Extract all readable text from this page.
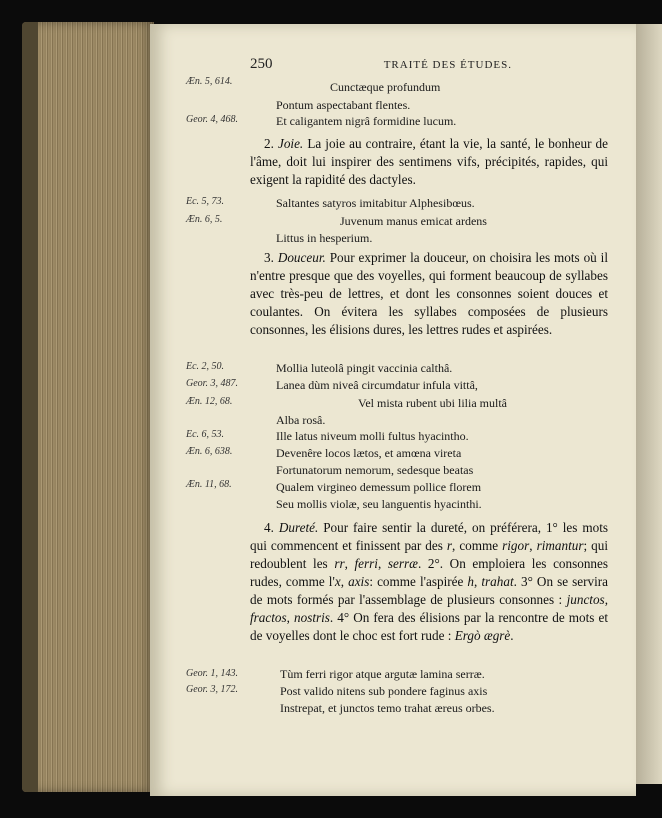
250	TRAITÉ DES ÉTUDES.
Æn. 5, 614.	Cunctæque profundum
Pontum aspectabant flentes.
Geor. 4, 468.	Et caligantem nigrâ formidine lucum.

2. Joie. La joie au contraire, étant la vie, la santé, le bonheur de l'âme, doit lui inspirer des sentimens vifs, précipités, rapides, qui exigent la rapidité des dactyles.

Ec. 5, 73.	Saltantes satyros imitabitur Alphesibœus.
Æn. 6, 5.	Juvenum manus emicat ardens
Littus in hesperium.

3. Douceur. Pour exprimer la douceur, on choisira les mots où il n'entre presque que des voyelles, qui forment beaucoup de syllabes avec très-peu de lettres, et dont les consonnes soient douces et coulantes. On évitera les syllabes composées de plusieurs consonnes, les élisions dures, les lettres rudes et aspirées.

Ec. 2, 50.	Mollia luteolâ pingit vaccinia calthâ.
Geor. 3, 487.	Lanea dùm niveâ circumdatur infula vittâ,
Æn. 12, 68.	Vel mista rubent ubi lilia multâ
Alba rosâ.
Ec. 6, 53.	Ille latus niveum molli fultus hyacintho.
Æn. 6, 638.	Devenêre locos lætos, et amœna vireta
Fortunatorum nemorum, sedesque beatas
Æn. 11, 68.	Qualem virgineo demessum pollice florem
Seu mollis violæ, seu languentis hyacinthi.

4. Dureté. Pour faire sentir la dureté, on préférera, 1° les mots qui commencent et finissent par des r, comme rigor, rimantur; qui redoublent les rr, ferri, serræ. 2°. On emploiera les consonnes rudes, comme l'x, axis: comme l'aspirée h, trahat. 3° On se servira de mots formés par l'assemblage de plusieurs consonnes : junctos, fractos, nostris. 4° On fera des élisions par la rencontre de mots et de voyelles dont le choc est fort rude : Ergò ægrè.

Geor. 1, 143.	Tùm ferri rigor atque argutæ lamina serræ.
Geor. 3, 172.	Post valido nitens sub pondere faginus axis
Instrepat, et junctos temo trahat æreus orbes.
